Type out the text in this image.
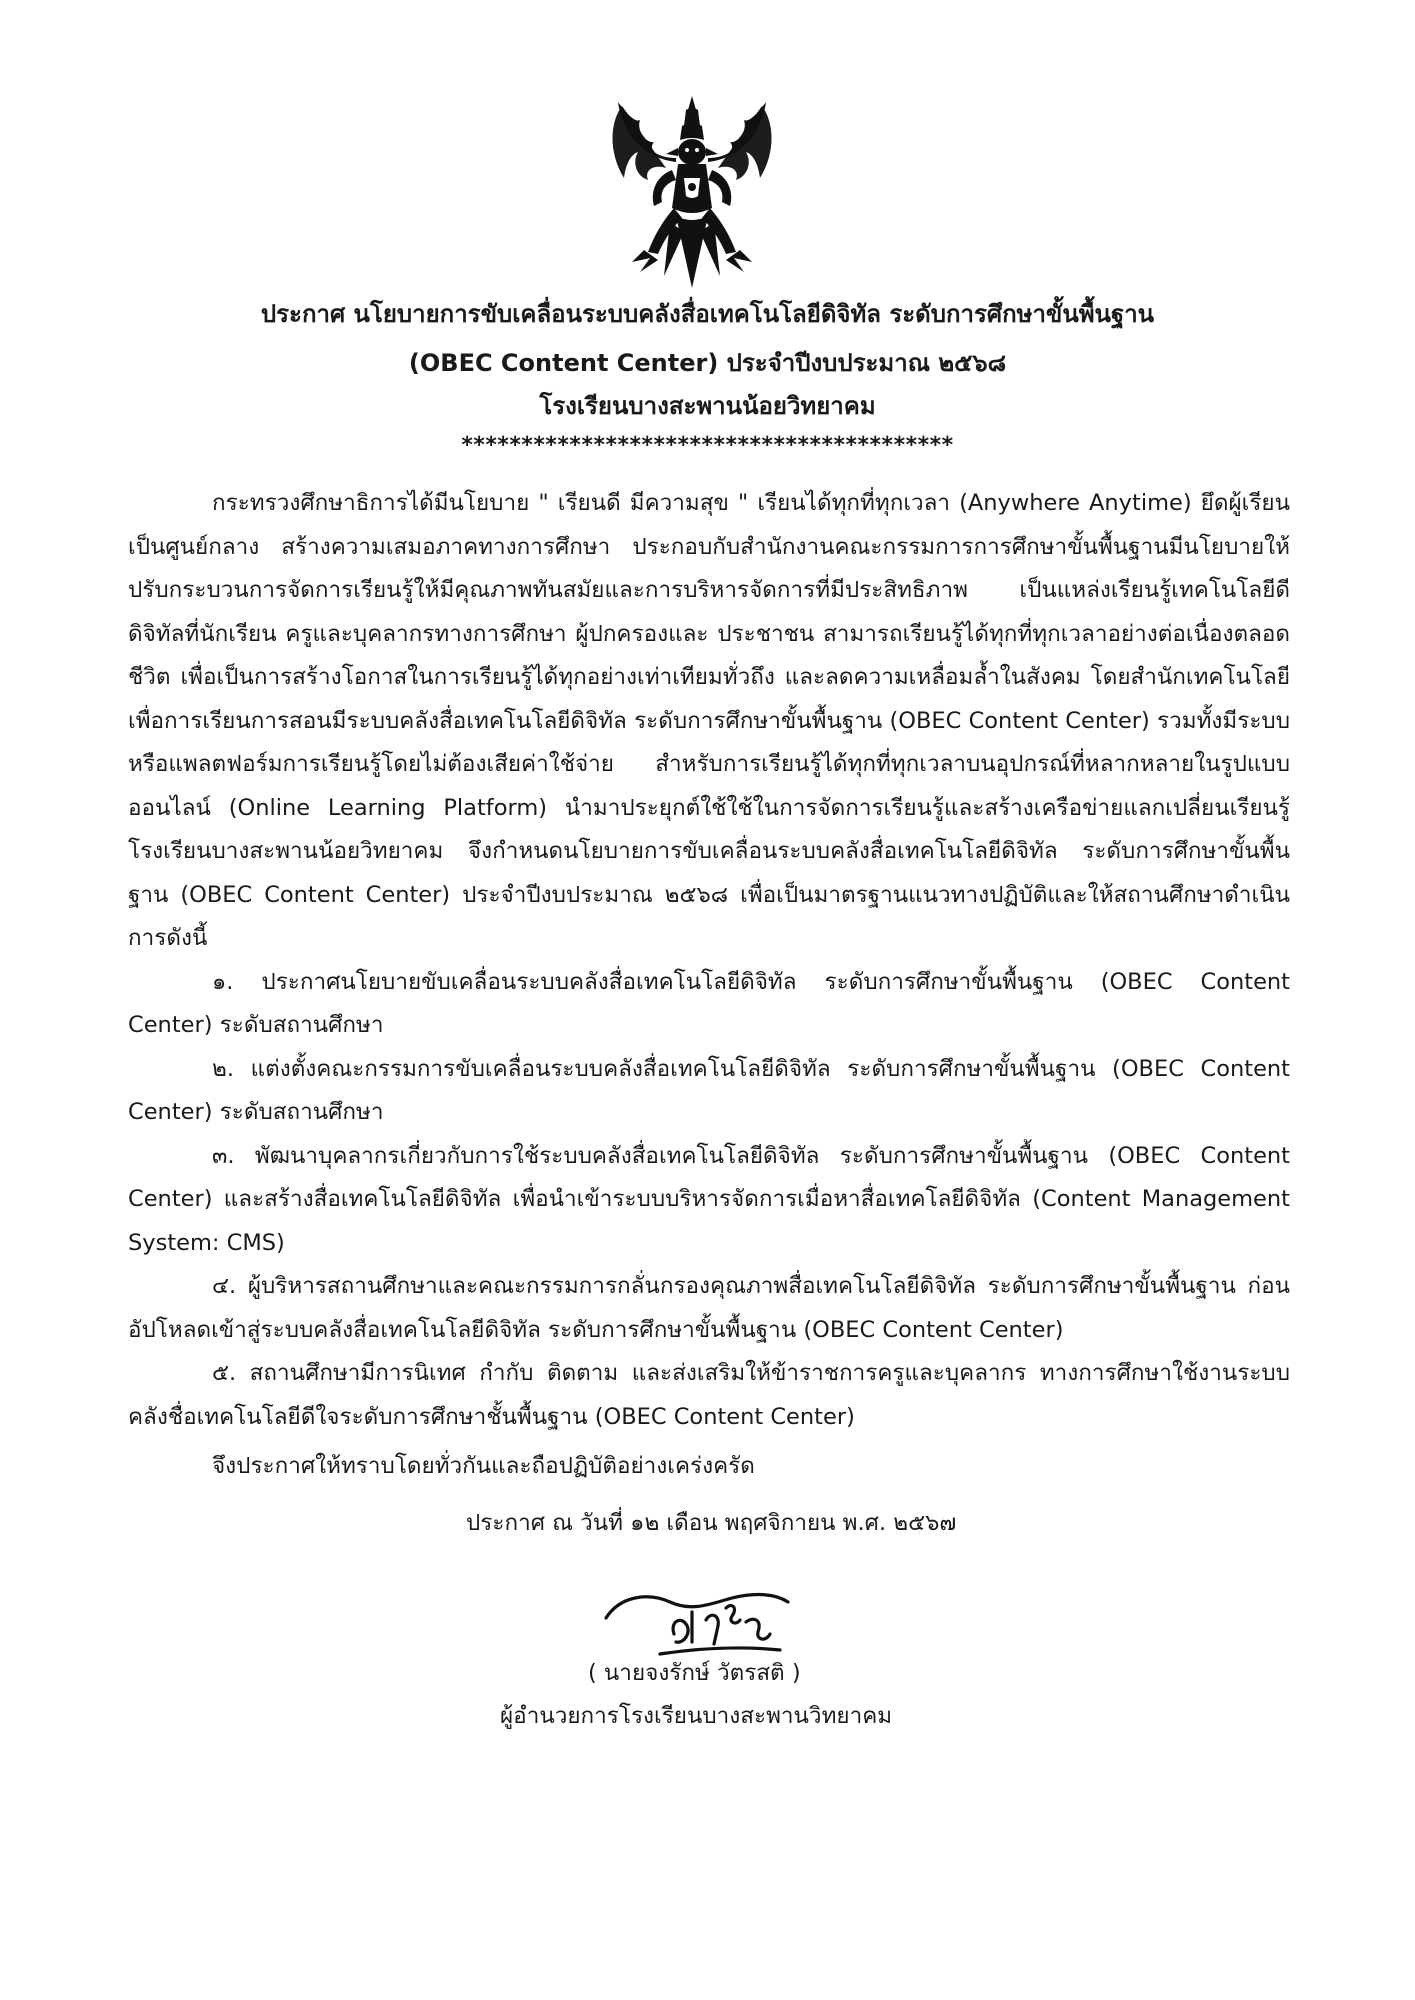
ประกาศ นโยบายการขับเคลื่อนระบบคลังสื่อเทคโนโลยีดิจิทัล ระดับการศึกษาขั้นพื้นฐาน
(OBEC Content Center) ประจำปีงบประมาณ ๒๕๖๘
โรงเรียนบางสะพานน้อยวิทยาคม
*****************************************

กระทรวงศึกษาธิการได้มีนโยบาย " เรียนดี มีความสุข " เรียนได้ทุกที่ทุกเวลา (Anywhere Anytime) ยึดผู้เรียนเป็นศูนย์กลาง สร้างความเสมอภาคทางการศึกษา ประกอบกับสำนักงานคณะกรรมการการศึกษาขั้นพื้นฐานมีนโยบายให้ปรับกระบวนการจัดการเรียนรู้ให้มีคุณภาพทันสมัยและการบริหารจัดการที่มีประสิทธิภาพ เป็นแหล่งเรียนรู้เทคโนโลยีดีดิจิทัลที่นักเรียน ครูและบุคลากรทางการศึกษา ผู้ปกครองและ ประชาชน สามารถเรียนรู้ได้ทุกที่ทุกเวลาอย่างต่อเนื่องตลอดชีวิต เพื่อเป็นการสร้างโอกาสในการเรียนรู้ได้ทุกอย่างเท่าเทียมทั่วถึง และลดความเหลื่อมล้ำในสังคม โดยสำนักเทคโนโลยีเพื่อการเรียนการสอนมีระบบคลังสื่อเทคโนโลยีดิจิทัล ระดับการศึกษาขั้นพื้นฐาน (OBEC Content Center) รวมทั้งมีระบบหรือแพลตฟอร์มการเรียนรู้โดยไม่ต้องเสียค่าใช้จ่าย สำหรับการเรียนรู้ได้ทุกที่ทุกเวลาบนอุปกรณ์ที่หลากหลายในรูปแบบออนไลน์ (Online Learning Platform) นำมาประยุกต์ใช้ใช้ในการจัดการเรียนรู้และสร้างเครือข่ายแลกเปลี่ยนเรียนรู้โรงเรียนบางสะพานน้อยวิทยาคม จึงกำหนดนโยบายการขับเคลื่อนระบบคลังสื่อเทคโนโลยีดิจิทัล ระดับการศึกษาขั้นพื้นฐาน (OBEC Content Center) ประจำปีงบประมาณ ๒๕๖๘ เพื่อเป็นมาตรฐานแนวทางปฏิบัติและให้สถานศึกษาดำเนินการดังนี้

๑. ประกาศนโยบายขับเคลื่อนระบบคลังสื่อเทคโนโลยีดิจิทัล ระดับการศึกษาขั้นพื้นฐาน (OBEC Content Center) ระดับสถานศึกษา

๒. แต่งตั้งคณะกรรมการขับเคลื่อนระบบคลังสื่อเทคโนโลยีดิจิทัล ระดับการศึกษาขั้นพื้นฐาน (OBEC Content Center) ระดับสถานศึกษา

๓. พัฒนาบุคลากรเกี่ยวกับการใช้ระบบคลังสื่อเทคโนโลยีดิจิทัล ระดับการศึกษาขั้นพื้นฐาน (OBEC Content Center) และสร้างสื่อเทคโนโลยีดิจิทัล เพื่อนำเข้าระบบบริหารจัดการเมื่อหาสื่อเทคโลยีดิจิทัล (Content Management System: CMS)

๔. ผู้บริหารสถานศึกษาและคณะกรรมการกลั่นกรองคุณภาพสื่อเทคโนโลยีดิจิทัล ระดับการศึกษาขั้นพื้นฐาน ก่อนอัปโหลดเข้าสู่ระบบคลังสื่อเทคโนโลยีดิจิทัล ระดับการศึกษาขั้นพื้นฐาน (OBEC Content Center)

๕. สถานศึกษามีการนิเทศ กำกับ ติดตาม และส่งเสริมให้ข้าราชการครูและบุคลากร ทางการศึกษาใช้งานระบบคลังชื่อเทคโนโลยีดีใจระดับการศึกษาชั้นพื้นฐาน (OBEC Content Center)

จึงประกาศให้ทราบโดยทั่วกันและถือปฏิบัติอย่างเคร่งครัด
ประกาศ ณ วันที่ ๑๒ เดือน พฤศจิกายน พ.ศ. ๒๕๖๗
( นายจงรักษ์ วัตรสติ )
ผู้อำนวยการโรงเรียนบางสะพานวิทยาคม
